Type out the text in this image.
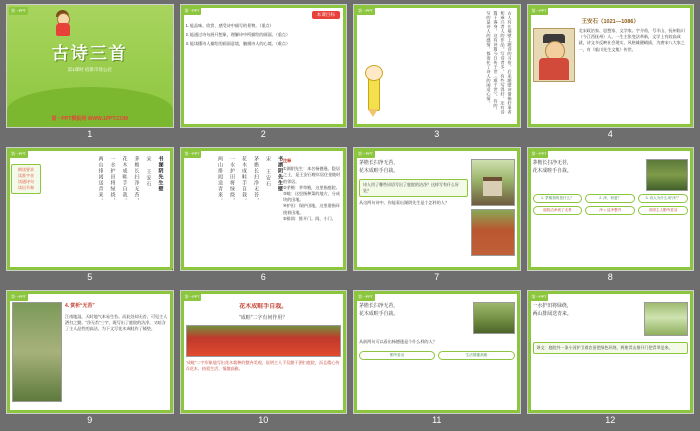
古诗三首
第1课时 宿新市徐公店
第一PPT模板网 WWW.1PPT.COM
第一PPT
1
第一PPT
本课目标
1. 能品味、欣赏、感受诗中描写的景物。（重点）
2. 能通过诗句展开想象，理解诗中所描绘的画面。（重点）
3. 能读懂诗人描绘的画面意境，触摸诗人的心境。（难点）
2
第一PPT
古人有在墙壁上题诗的习俗。后来题壁诗借指好事者和乘兴者人的作品。写诗者多，有些写得好，还有诗篇于客身，这有诗篇今日传于世（难于世）。有的，写的是诗人的感情，都寄托了诗人的闲适心情。
3
第一PPT
王安石（1021—1086）
北宋政治家、思想家、文学家。字介甫，号半山，抚州临川（今江西抚州）人。一生主张变法革新，文学上有较高成就，诗文多反映社会现实，风格雄健峭拔，为唐宋八大家之一，有《临川先生文集》传世。
4
第一PPT
朗读要求
读准字音
读通诗句
读出节奏	书湖阴先生壁
宋 王安石
茅檐长扫净无苔，
花木成畦手自栽。
一水护田将绿绕，
两山排闼送青来。
5
第一PPT
书湖阴先生壁
宋 王安石
茅檐长扫净无苔，
花木成畦手自栽。
一水护田将绿绕，
两山排闼送青来。	注释
①湖阴先生：本名杨德逢，隐居之士，是王安石晚年居住金陵时的邻居。
②茅檐：茅草檐，这里指庭院。
③畦：这里指种菜的地方，分成块的田地。
④护田：保护田地。这里借指环绕着田地。
⑤排闼：推开门。闼，小门。
6
第一PPT
茅檐长扫净无苔，
花木成畦手自栽。
诗人用了哪些词语写出了庭院的洁净？这样写有什么好处？
从这两句诗中，你能看出湖阴先生是个怎样的人？
7
第一PPT
茅檐长扫净无苔，
花木成畦手自栽。
1. 茅檐指的是什么？	2. 净，何意？	3. 诗人为什么用“净”？
庭院洁净到了无苔	净 = 洁净整齐	说明主人勤劳爱洁
8
第一PPT
4. 赏析“无苔”
江南地湿，天时地气本易生苔。而此处却无苔，可见主人洒扫之勤。“净无苔”三字，既写出了庭院的洁净，又暗含了主人品性的高洁，为下文写花木成畦作了铺垫。
9
第一PPT
花木成畦手自栽。
“成畦”二字有何作用？
“成畦”二字形象地写出花木栽种的整齐美观，说明主人不仅勤于洒扫庭院，而且精心侍弄花木，热爱生活、情趣高雅。
10
第一PPT
茅檐长扫净无苔，
花木成畦手自栽。
从前两句可以看出杨德逢是个什么样的人？
勤劳爱洁	生活情趣高雅
11
第一PPT
一水护田将绿绕，
两山排闼送青来。
译文：庭院外一条小河护卫着农田把绿色环绕，两座青山推开门把青翠送来。
12
